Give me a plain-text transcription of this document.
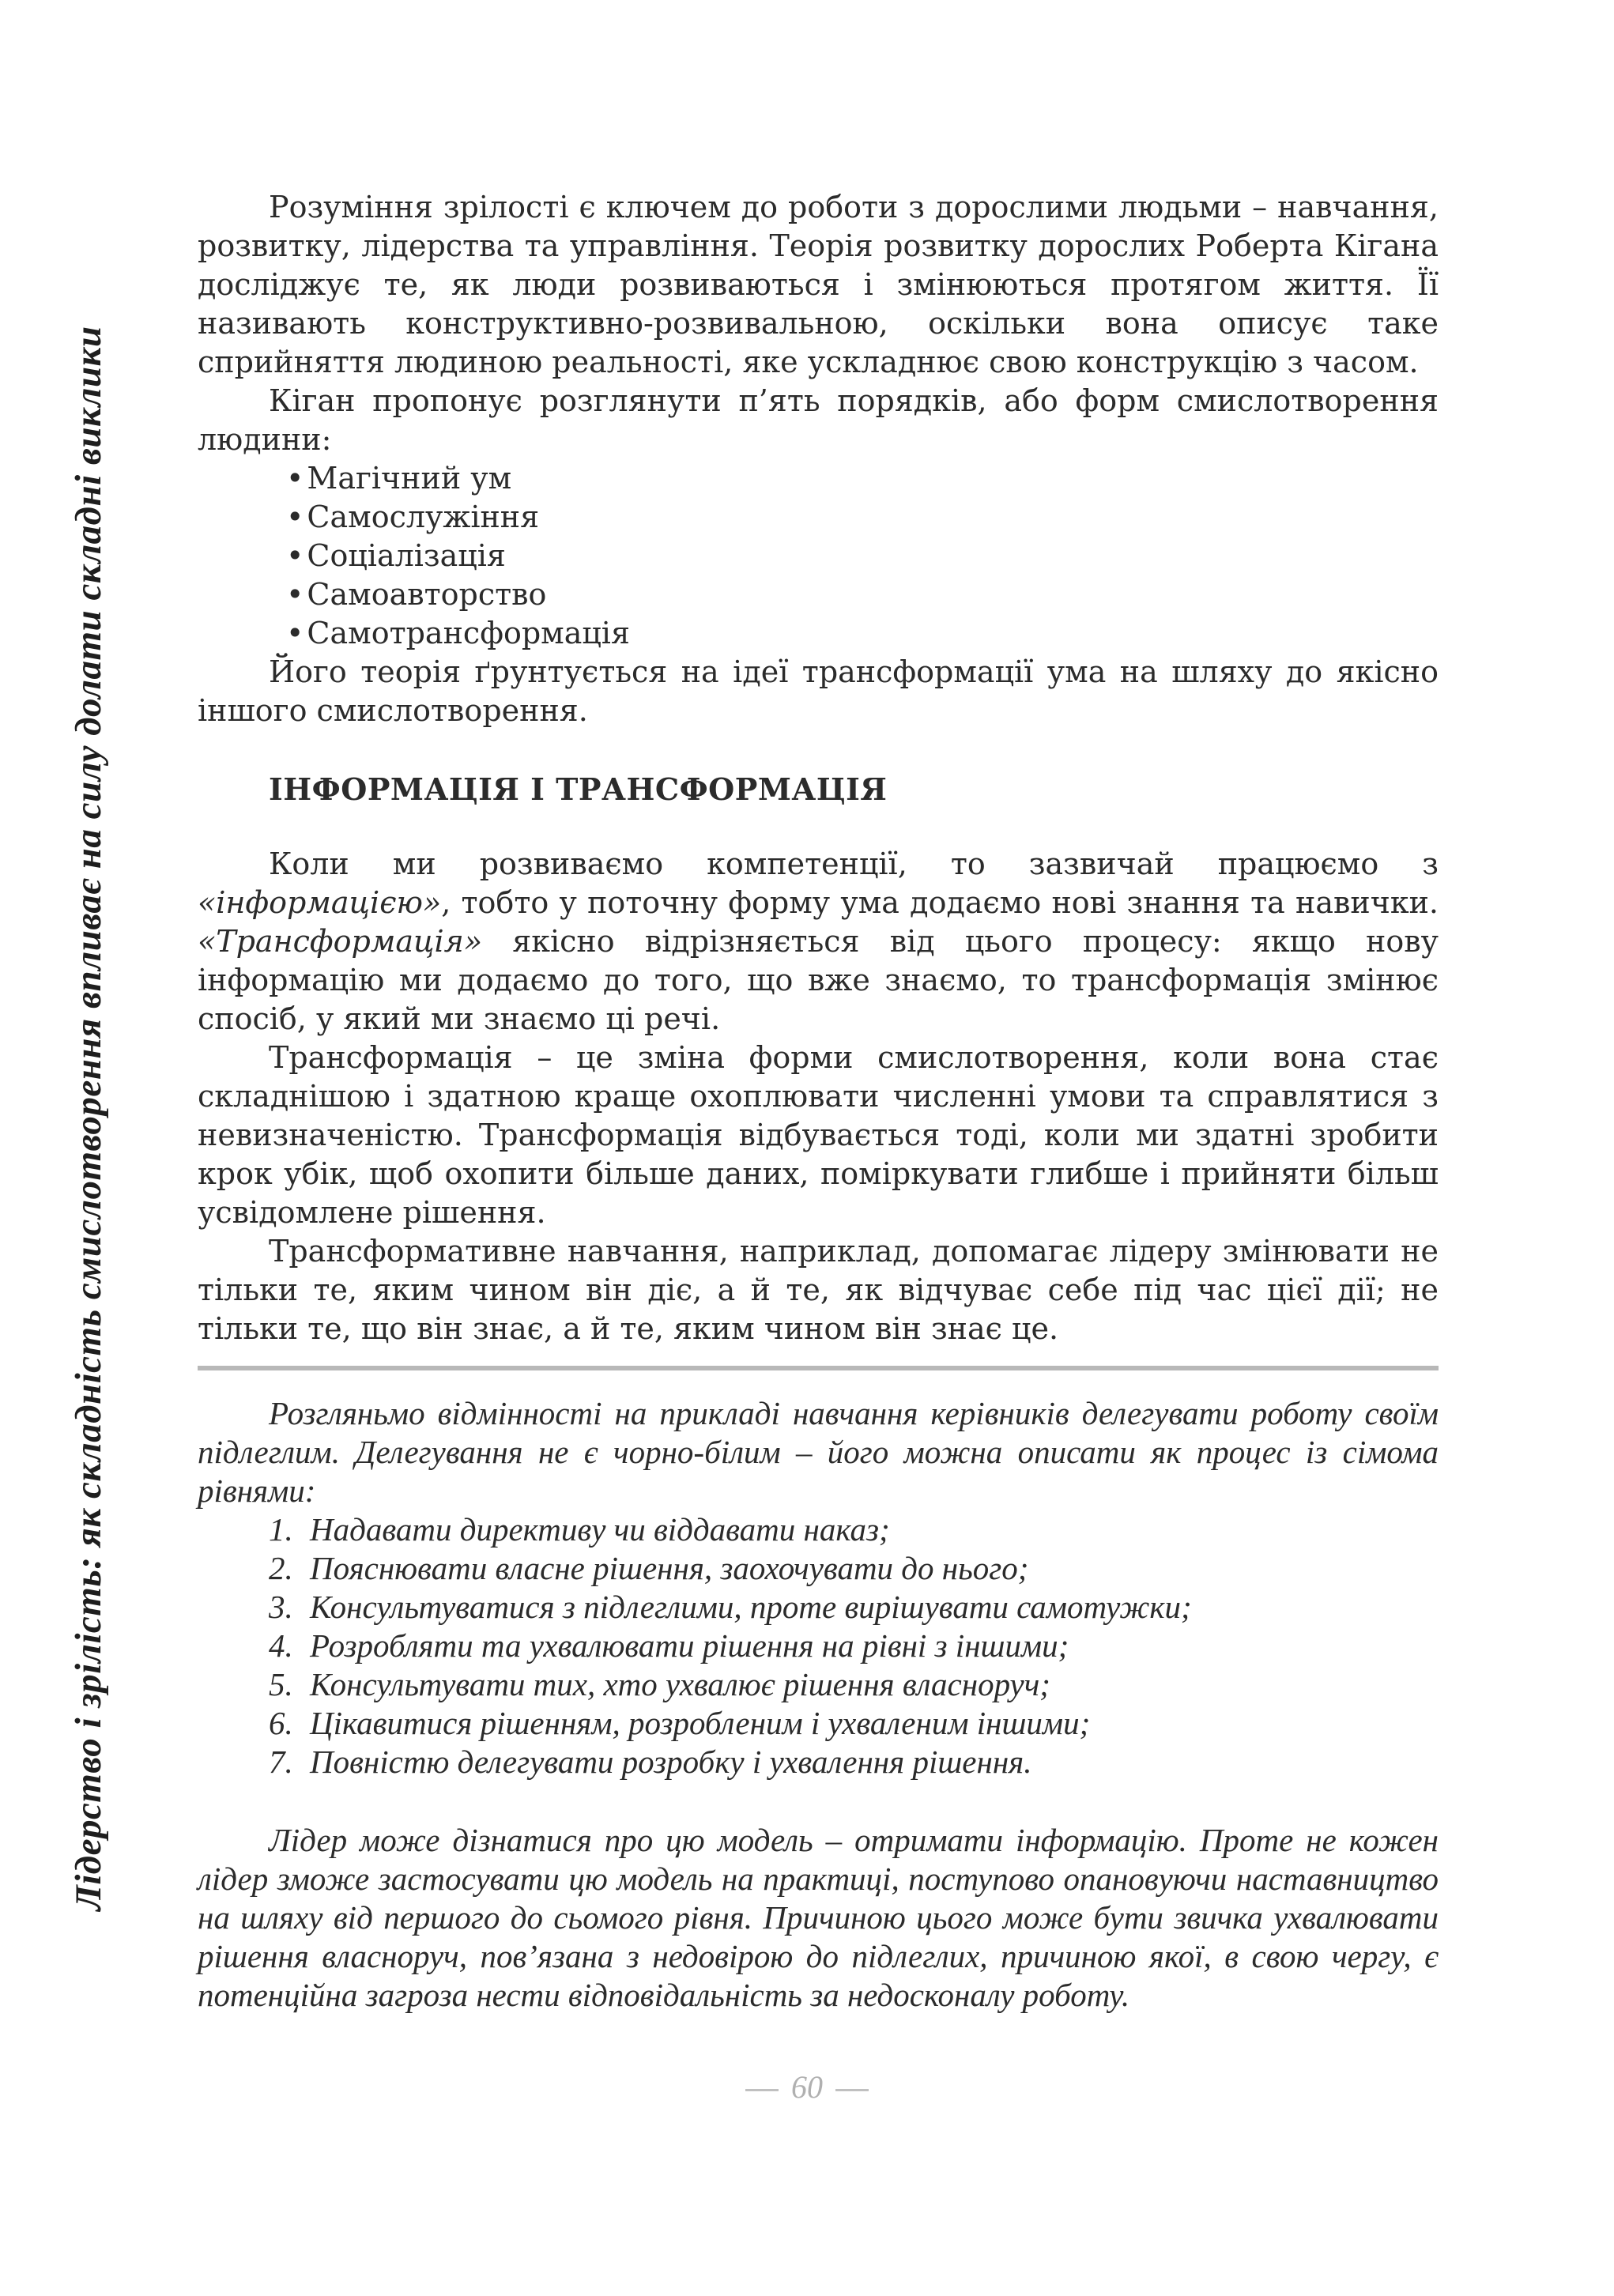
Лідерство і зрілість: як складність смислотворення впливає на силу долати складні виклики

Розуміння зрілості є ключем до роботи з дорослими людьми – навчання, розвитку, лідерства та управління. Теорія розвитку дорослих Роберта Кігана досліджує те, як люди розвиваються і змінюються протягом життя. Її називають конструктивно-розвивальною, оскільки вона описує таке сприйняття людиною реальності, яке ускладнює свою конструкцію з часом.

Кіган пропонує розглянути п’ять порядків, або форм смислотворення людини:

• Магічний ум
• Самослужіння
• Соціалізація
• Самоавторство
• Самотрансформація

Його теорія ґрунтується на ідеї трансформації ума на шляху до якісно іншого смислотворення.

ІНФОРМАЦІЯ І ТРАНСФОРМАЦІЯ

Коли ми розвиваємо компетенції, то зазвичай працюємо з «інформацією», тобто у поточну форму ума додаємо нові знання та навички. «Трансформація» якісно відрізняється від цього процесу: якщо нову інформацію ми додаємо до того, що вже знаємо, то трансформація змінює спосіб, у який ми знаємо ці речі.

Трансформація – це зміна форми смислотворення, коли вона стає складнішою і здатною краще охоплювати численні умови та справлятися з невизначеністю. Трансформація відбувається тоді, коли ми здатні зробити крок убік, щоб охопити більше даних, поміркувати глибше і прийняти більш усвідомлене рішення.

Трансформативне навчання, наприклад, допомагає лідеру змінювати не тільки те, яким чином він діє, а й те, як відчуває себе під час цієї дії; не тільки те, що він знає, а й те, яким чином він знає це.

Розгляньмо відмінності на прикладі навчання керівників делегувати роботу своїм підлеглим. Делегування не є чорно-білим – його можна описати як процес із сімома рівнями:

1. Надавати директиву чи віддавати наказ;
2. Пояснювати власне рішення, заохочувати до нього;
3. Консультуватися з підлеглими, проте вирішувати самотужки;
4. Розробляти та ухвалювати рішення на рівні з іншими;
5. Консультувати тих, хто ухвалює рішення власноруч;
6. Цікавитися рішенням, розробленим і ухваленим іншими;
7. Повністю делегувати розробку і ухвалення рішення.

Лідер може дізнатися про цю модель – отримати інформацію. Проте не кожен лідер зможе застосувати цю модель на практиці, поступово опановуючи наставництво на шляху від першого до сьомого рівня. Причиною цього може бути звичка ухвалювати рішення власноруч, пов’язана з недовірою до підлеглих, причиною якої, в свою чергу, є потенційна загроза нести відповідальність за недосконалу роботу.

60
